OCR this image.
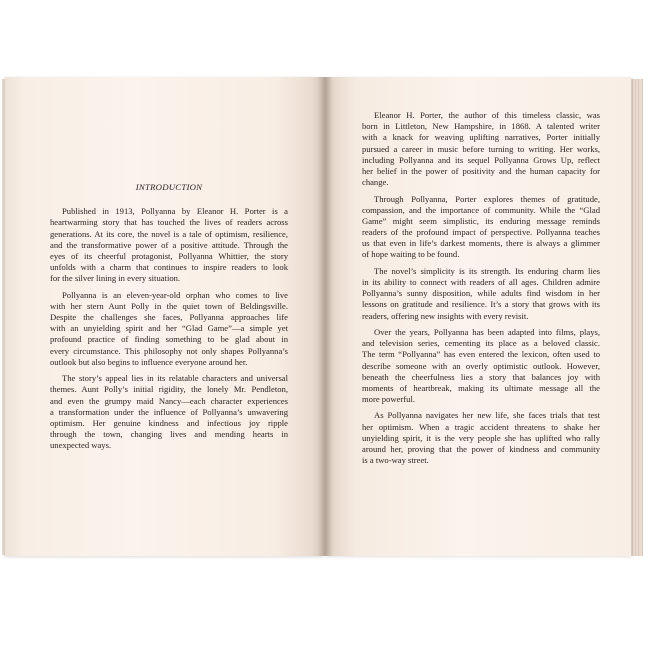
INTRODUCTION
Published in 1913, Pollyanna by Eleanor H. Porter is a
heartwarming story that has touched the lives of readers across
generations. At its core, the novel is a tale of optimism, resilience,
and the transformative power of a positive attitude. Through the
eyes of its cheerful protagonist, Pollyanna Whittier, the story
unfolds with a charm that continues to inspire readers to look
for the silver lining in every situation.
Pollyanna is an eleven-year-old orphan who comes to live
with her stern Aunt Polly in the quiet town of Beldingsville.
Despite the challenges she faces, Pollyanna approaches life
with an unyielding spirit and her “Glad Game”—a simple yet
profound practice of finding something to be glad about in
every circumstance. This philosophy not only shapes Pollyanna’s
outlook but also begins to influence everyone around her.
The story’s appeal lies in its relatable characters and universal
themes. Aunt Polly’s initial rigidity, the lonely Mr. Pendleton,
and even the grumpy maid Nancy—each character experiences
a transformation under the influence of Pollyanna’s unwavering
optimism. Her genuine kindness and infectious joy ripple
through the town, changing lives and mending hearts in
unexpected ways.
Eleanor H. Porter, the author of this timeless classic, was
born in Littleton, New Hampshire, in 1868. A talented writer
with a knack for weaving uplifting narratives, Porter initially
pursued a career in music before turning to writing. Her works,
including Pollyanna and its sequel Pollyanna Grows Up, reflect
her belief in the power of positivity and the human capacity for
change.
Through Pollyanna, Porter explores themes of gratitude,
compassion, and the importance of community. While the “Glad
Game” might seem simplistic, its enduring message reminds
readers of the profound impact of perspective. Pollyanna teaches
us that even in life’s darkest moments, there is always a glimmer
of hope waiting to be found.
The novel’s simplicity is its strength. Its enduring charm lies
in its ability to connect with readers of all ages. Children admire
Pollyanna’s sunny disposition, while adults find wisdom in her
lessons on gratitude and resilience. It’s a story that grows with its
readers, offering new insights with every revisit.
Over the years, Pollyanna has been adapted into films, plays,
and television series, cementing its place as a beloved classic.
The term “Pollyanna” has even entered the lexicon, often used to
describe someone with an overly optimistic outlook. However,
beneath the cheerfulness lies a story that balances joy with
moments of heartbreak, making its ultimate message all the
more powerful.
As Pollyanna navigates her new life, she faces trials that test
her optimism. When a tragic accident threatens to shake her
unyielding spirit, it is the very people she has uplifted who rally
around her, proving that the power of kindness and community
is a two-way street.
